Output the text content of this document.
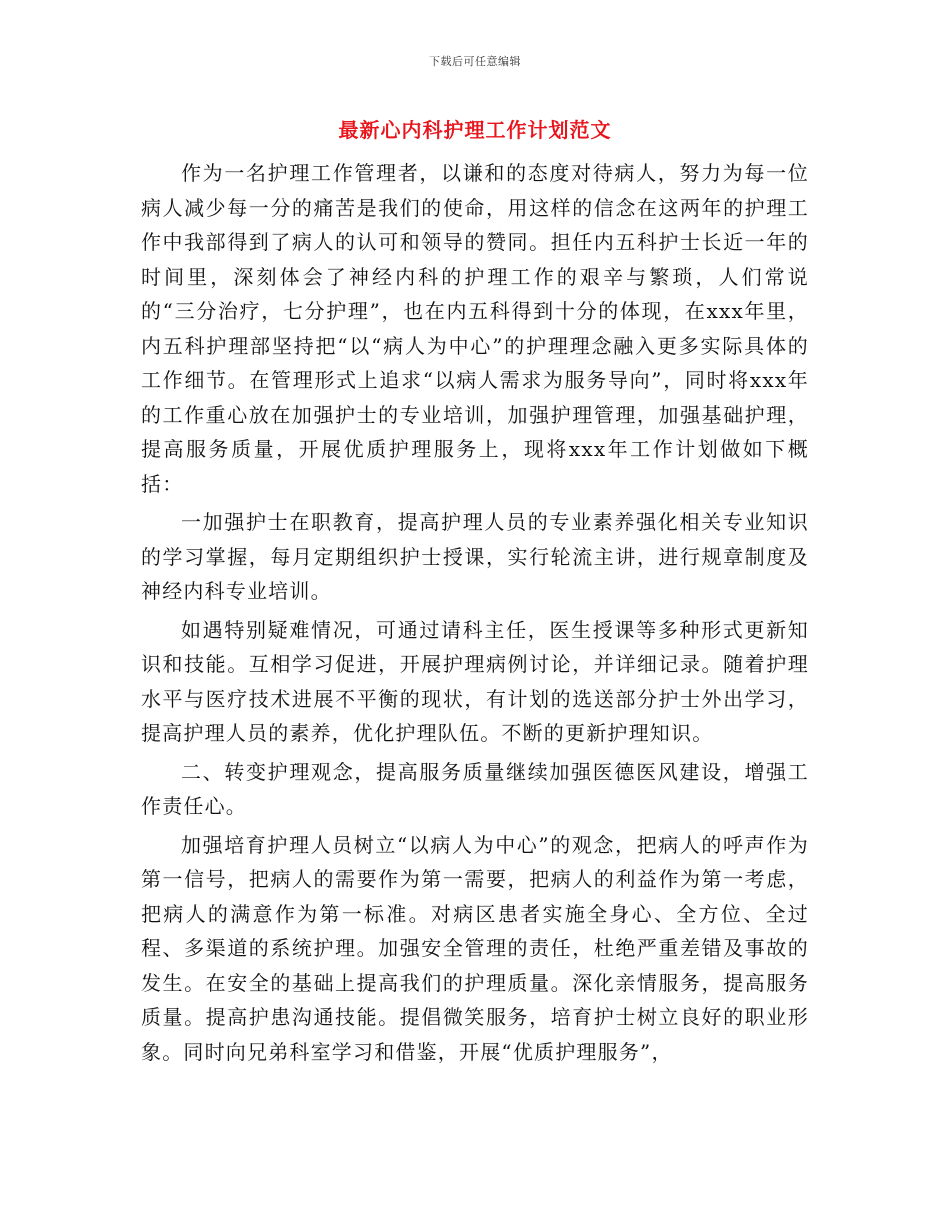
下载后可任意编辑
最新心内科护理工作计划范文

作为一名护理工作管理者，以谦和的态度对待病人，努力为每一位病人减少每一分的痛苦是我们的使命，用这样的信念在这两年的护理工作中我部得到了病人的认可和领导的赞同。担任内五科护士长近一年的时间里，深刻体会了神经内科的护理工作的艰辛与繁琐，人们常说的“三分治疗，七分护理”，也在内五科得到十分的体现，在xxx年里，内五科护理部坚持把“以“病人为中心”的护理理念融入更多实际具体的工作细节。在管理形式上追求“以病人需求为服务导向”，同时将xxx年的工作重心放在加强护士的专业培训，加强护理管理，加强基础护理，提高服务质量，开展优质护理服务上，现将xxx年工作计划做如下概括：

一加强护士在职教育，提高护理人员的专业素养强化相关专业知识的学习掌握，每月定期组织护士授课，实行轮流主讲，进行规章制度及神经内科专业培训。

如遇特别疑难情况，可通过请科主任，医生授课等多种形式更新知识和技能。互相学习促进，开展护理病例讨论，并详细记录。随着护理水平与医疗技术进展不平衡的现状，有计划的选送部分护士外出学习，提高护理人员的素养，优化护理队伍。不断的更新护理知识。

二、转变护理观念，提高服务质量继续加强医德医风建设，增强工作责任心。

加强培育护理人员树立“以病人为中心”的观念，把病人的呼声作为第一信号，把病人的需要作为第一需要，把病人的利益作为第一考虑，把病人的满意作为第一标准。对病区患者实施全身心、全方位、全过程、多渠道的系统护理。加强安全管理的责任，杜绝严重差错及事故的发生。在安全的基础上提高我们的护理质量。深化亲情服务，提高服务质量。提高护患沟通技能。提倡微笑服务，培育护士树立良好的职业形象。同时向兄弟科室学习和借鉴，开展“优质护理服务”，
